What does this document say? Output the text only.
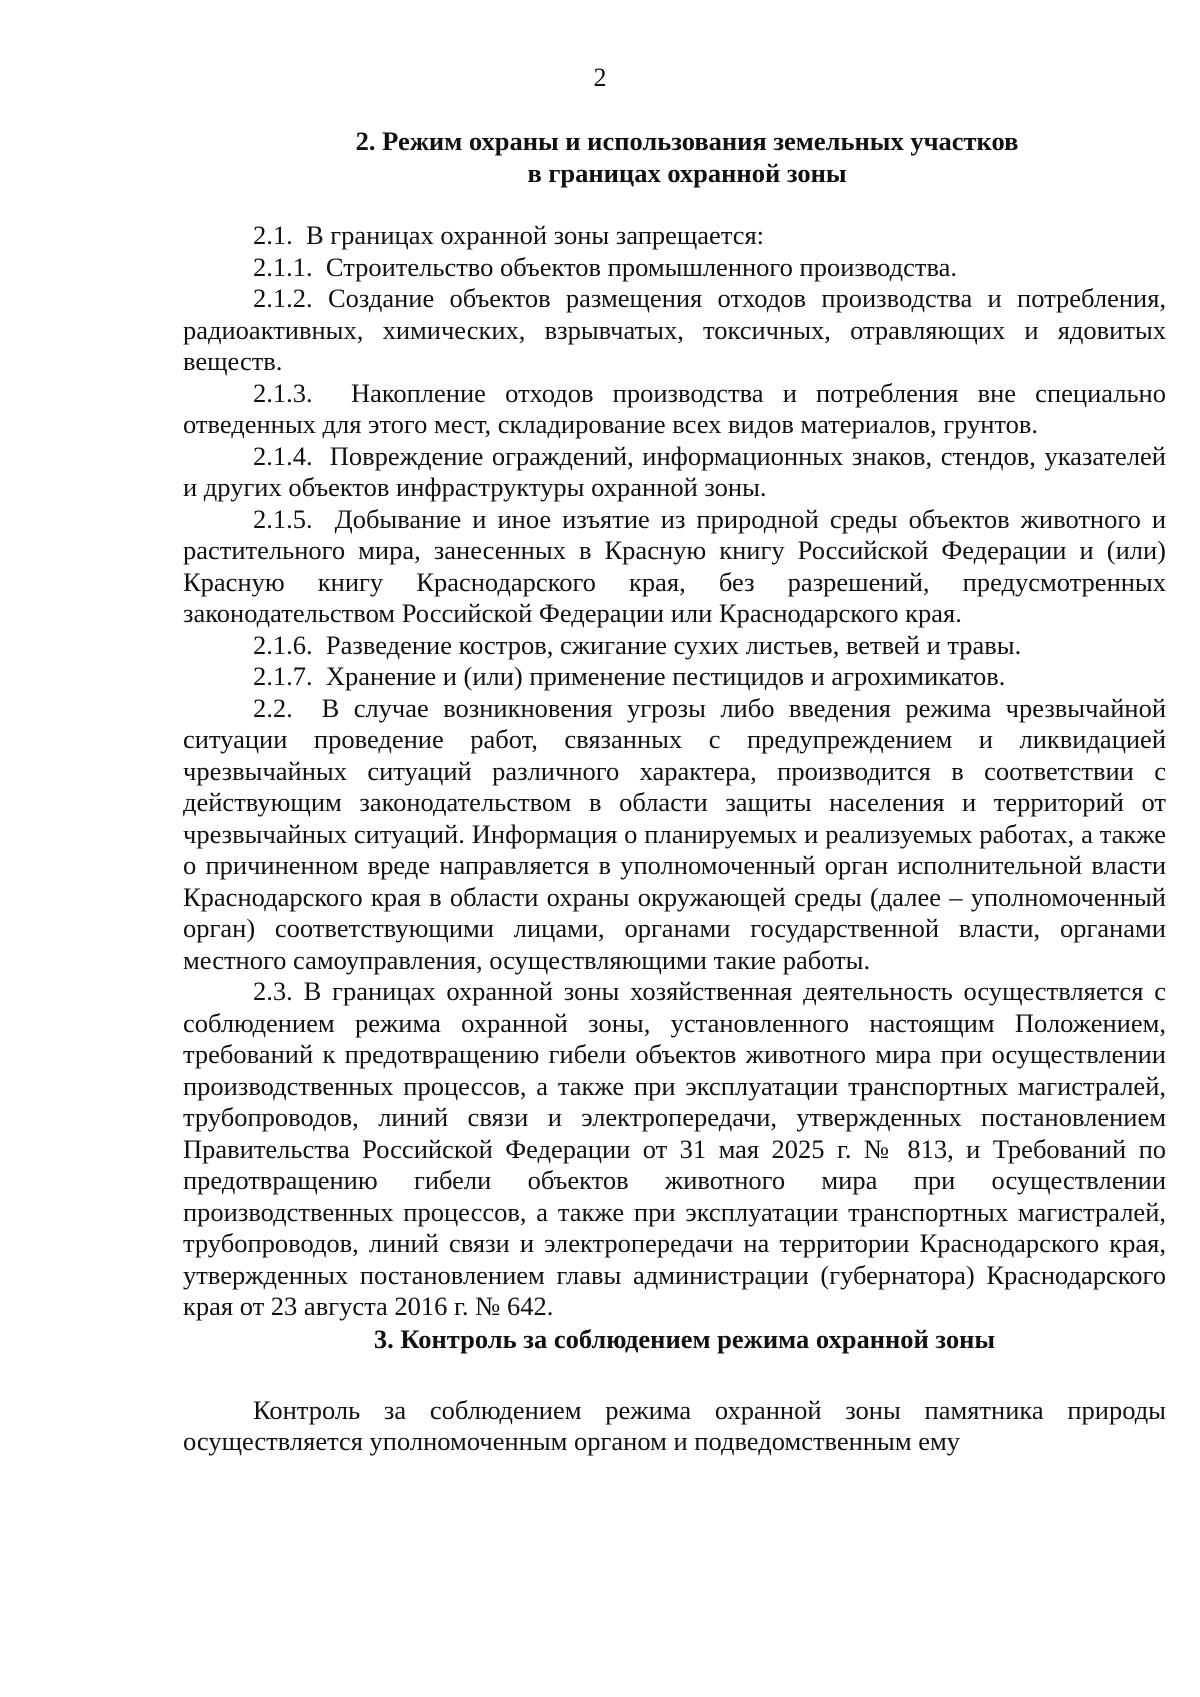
2
2. Режим охраны и использования земельных участков
в границах охранной зоны

2.1. В границах охранной зоны запрещается:

2.1.1. Строительство объектов промышленного производства.

2.1.2. Создание объектов размещения отходов производства и потребления, радиоактивных, химических, взрывчатых, токсичных, отравляющих и ядовитых веществ.

2.1.3. Накопление отходов производства и потребления вне специально отведенных для этого мест, складирование всех видов материалов, грунтов.

2.1.4. Повреждение ограждений, информационных знаков, стендов, указателей и других объектов инфраструктуры охранной зоны.

2.1.5. Добывание и иное изъятие из природной среды объектов животного и растительного мира, занесенных в Красную книгу Российской Федерации и (или) Красную книгу Краснодарского края, без разрешений, предусмотренных законодательством Российской Федерации или Краснодарского края.

2.1.6. Разведение костров, сжигание сухих листьев, ветвей и травы.

2.1.7. Хранение и (или) применение пестицидов и агрохимикатов.

2.2. В случае возникновения угрозы либо введения режима чрезвычайной ситуации проведение работ, связанных с предупреждением и ликвидацией чрезвычайных ситуаций различного характера, производится в соответствии с действующим законодательством в области защиты населения и территорий от чрезвычайных ситуаций. Информация о планируемых и реализуемых работах, а также о причиненном вреде направляется в уполномоченный орган исполнительной власти Краснодарского края в области охраны окружающей среды (далее – уполномоченный орган) соответствующими лицами, органами государственной власти, органами местного самоуправления, осуществляющими такие работы.

2.3. В границах охранной зоны хозяйственная деятельность осуществляется с соблюдением режима охранной зоны, установленного настоящим Положением, требований к предотвращению гибели объектов животного мира при осуществлении производственных процессов, а также при эксплуатации транспортных магистралей, трубопроводов, линий связи и электропередачи, утвержденных постановлением Правительства Российской Федерации от 31 мая 2025 г. № 813, и Требований по предотвращению гибели объектов животного мира при осуществлении производственных процессов, а также при эксплуатации транспортных магистралей, трубопроводов, линий связи и электропередачи на территории Краснодарского края, утвержденных постановлением главы администрации (губернатора) Краснодарского края от 23 августа 2016 г. № 642.

3. Контроль за соблюдением режима охранной зоны

Контроль за соблюдением режима охранной зоны памятника природы осуществляется уполномоченным органом и подведомственным ему
